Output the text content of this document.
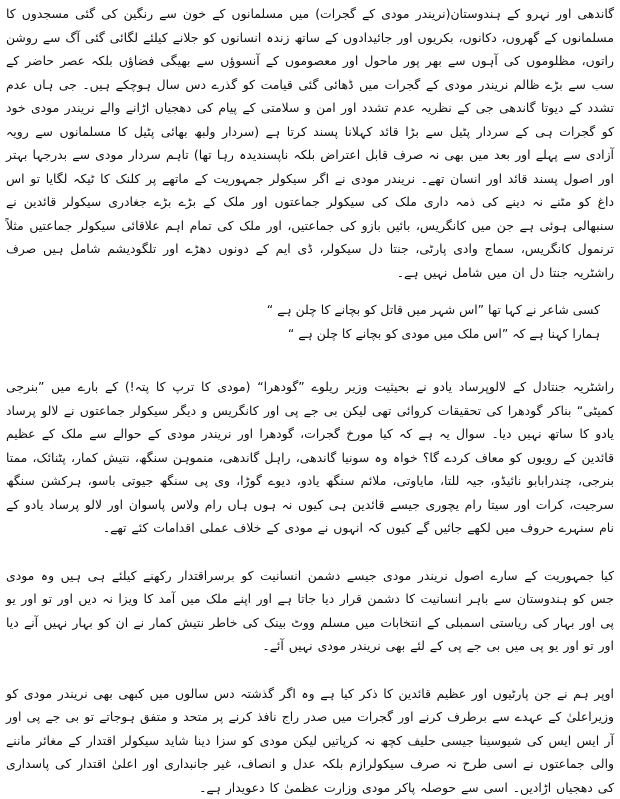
گاندھی اور نہرو کے ہندوستان(نریندر مودی کے گجرات) میں مسلمانوں کے خون سے رنگین کی گئی مسجدوں کا مسلمانوں کے گھروں، دکانوں، بکریوں اور جائیدادوں کے ساتھ زندہ انسانوں کو جلانے کیلئے لگائی گئی آگ سے روشن راتوں، مظلوموں کی آہوں سے بھر پور ماحول اور معصوموں کے آنسوؤں سے بھیگی فضاؤں بلکہ عصر حاضر کے سب سے بڑے ظالم نریندر مودی کے گجرات میں ڈھائی گئی قیامت کو گذرے دس سال ہوچکے ہیں۔ جی ہاں عدم تشدد کے دیوتا گاندھی جی کے نظریہ عدم تشدد اور امن و سلامتی کے پیام کی دھجیاں اڑانے والے نریندر مودی خود کو گجرات ہی کے سردار پٹیل سے بڑا قائد کہلانا پسند کرتا ہے (سردار ولبھ بھائی پٹیل کا مسلمانوں سے رویہ آزادی سے پہلے اور بعد میں بھی نہ صرف قابل اعتراض بلکہ ناپسندیدہ رہا تھا) تاہم سردار مودی سے بدرجہا بہتر اور اصول پسند قائد اور انسان تھے۔ نریندر مودی نے اگر سیکولر جمہوریت کے ماتھے پر کلنک کا ٹیکہ لگایا تو اس داغ کو مٹنے نہ دینے کی ذمہ داری ملک کی سیکولر جماعتوں اور ملک کے بڑے بڑے جغادری سیکولر قائدین نے سنبھالی ہوئی ہے جن میں کانگریس، بائیں بازو کی جماعتیں، اور ملک کی تمام اہم علاقائی سیکولر جماعتیں مثلاً ترنمول کانگریس، سماج وادی پارٹی، جنتا دل سیکولر، ڈی ایم کے دونوں دھڑے اور تلگودیشم شامل ہیں صرف راشٹریہ جنتا دل ان میں شامل نہیں ہے۔

کسی شاعر نے کہا تھا ”اس شہر میں قاتل کو بچانے کا چلن ہے “

ہمارا کہنا ہے کہ ”اس ملک میں مودی کو بچانے کا چلن ہے “

راشٹریہ جنتادل کے لالوپرساد یادو نے بحیثیت وزیر ریلوے ”گودھرا“ (مودی کا ترپ کا پتہ!) کے بارے میں ”بنرجی کمیٹی“ بناکر گودھرا کی تحقیقات کروائی تھی لیکن بی جے پی اور کانگریس و دیگر سیکولر جماعتوں نے لالو پرساد یادو کا ساتھ نہیں دیا۔ سوال یہ ہے کہ کیا مورخ گجرات، گودھرا اور نریندر مودی کے حوالے سے ملک کے عظیم قائدین کے رویوں کو معاف کردے گا؟ خواہ وہ سونیا گاندھی، راہل گاندھی، منموہن سنگھ، نتیش کمار، پٹنائک، ممتا بنرجی، چندرابابو نائیڈو، جیہ للتا، مایاوتی، ملائم سنگھ یادو، دیوے گوڑا، وی پی سنگھ جیوتی باسو، ہرکشن سنگھ سرجیت، کرات اور سیتا رام یچوری جیسے قائدین ہی کیوں نہ ہوں ہاں رام ولاس پاسوان اور لالو پرساد یادو کے نام سنہرے حروف میں لکھے جائیں گے کیوں کہ انہوں نے مودی کے خلاف عملی اقدامات کئے تھے۔

کیا جمہوریت کے سارے اصول نریندر مودی جیسے دشمن انسانیت کو برسراقتدار رکھنے کیلئے ہی ہیں وہ مودی جس کو ہندوستان سے باہر انسانیت کا دشمن قرار دیا جاتا ہے اور اپنے ملک میں آمد کا ویزا نہ دیں اور تو اور یو پی اور بہار کی ریاستی اسمبلی کے انتخابات میں مسلم ووٹ بینک کی خاطر نتیش کمار نے ان کو بہار نہیں آنے دیا اور تو اور یو پی میں بی جے پی کے لئے بھی نریندر مودی نہیں آئے۔

اوپر ہم نے جن پارٹیوں اور عظیم قائدین کا ذکر کیا ہے وہ اگر گذشتہ دس سالوں میں کبھی بھی نریندر مودی کو وزیراعلیٰ کے عہدے سے برطرف کرنے اور گجرات میں صدر راج نافذ کرنے پر متحد و متفق ہوجاتے تو بی جے پی اور آر ایس ایس کی شیوسینا جیسی حلیف کچھ نہ کرپاتیں لیکن مودی کو سزا دینا شاید سیکولر اقتدار کے مغائر ماننے والی جماعتوں نے اسی طرح نہ صرف سیکولرازم بلکہ عدل و انصاف، غیر جانبداری اور اعلیٰ اقتدار کی پاسداری کی دھجیاں اڑادیں۔ اسی سے حوصلہ پاکر مودی وزارت عظمیٰ کا دعویدار ہے۔
